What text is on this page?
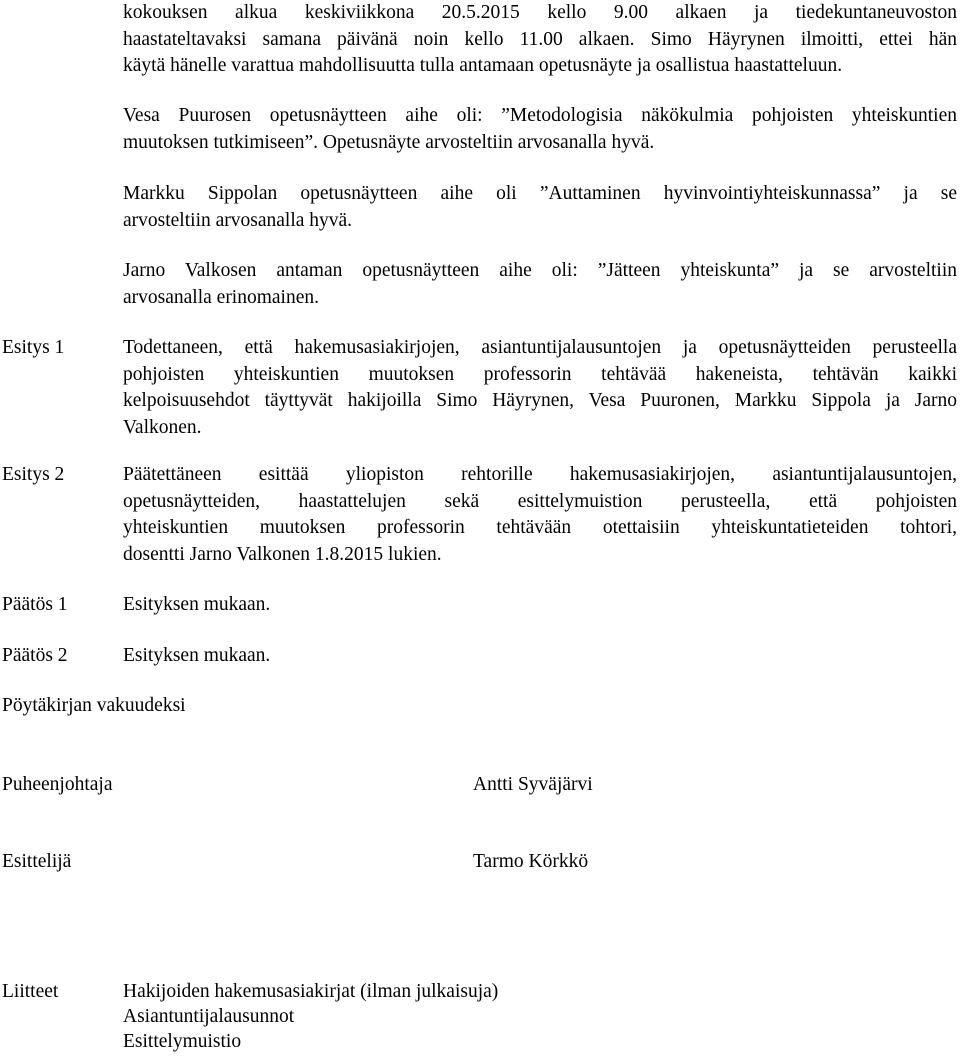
kokouksen alkua keskiviikkona 20.5.2015 kello 9.00 alkaen ja tiedekuntaneuvoston
haastateltavaksi samana päivänä noin kello 11.00 alkaen. Simo Häyrynen ilmoitti, ettei hän
käytä hänelle varattua mahdollisuutta tulla antamaan opetusnäyte ja osallistua haastatteluun.
Vesa Puurosen opetusnäytteen aihe oli: ”Metodologisia näkökulmia pohjoisten yhteiskuntien
muutoksen tutkimiseen”. Opetusnäyte arvosteltiin arvosanalla hyvä.
Markku Sippolan opetusnäytteen aihe oli ”Auttaminen hyvinvointiyhteiskunnassa” ja se
arvosteltiin arvosanalla hyvä.
Jarno Valkosen antaman opetusnäytteen aihe oli: ”Jätteen yhteiskunta” ja se arvosteltiin
arvosanalla erinomainen.
Esitys 1	Todettaneen, että hakemusasiakirjojen, asiantuntijalausuntojen ja opetusnäytteiden perusteella
pohjoisten yhteiskuntien muutoksen professorin tehtävää hakeneista, tehtävän kaikki
kelpoisuusehdot täyttyvät hakijoilla Simo Häyrynen, Vesa Puuronen, Markku Sippola ja Jarno
Valkonen.
Esitys 2	Päätettäneen esittää yliopiston rehtorille hakemusasiakirjojen, asiantuntijalausuntojen,
opetusnäytteiden, haastattelujen sekä esittelymuistion perusteella, että pohjoisten
yhteiskuntien muutoksen professorin tehtävään otettaisiin yhteiskuntatieteiden tohtori,
dosentti Jarno Valkonen 1.8.2015 lukien.
Päätös 1	Esityksen mukaan.
Päätös 2	Esityksen mukaan.
Pöytäkirjan vakuudeksi
Puheenjohtaja	Antti Syväjärvi
Esittelijä	Tarmo Körkkö
Liitteet	Hakijoiden hakemusasiakirjat (ilman julkaisuja)
Asiantuntijalausunnot
Esittelymuistio
